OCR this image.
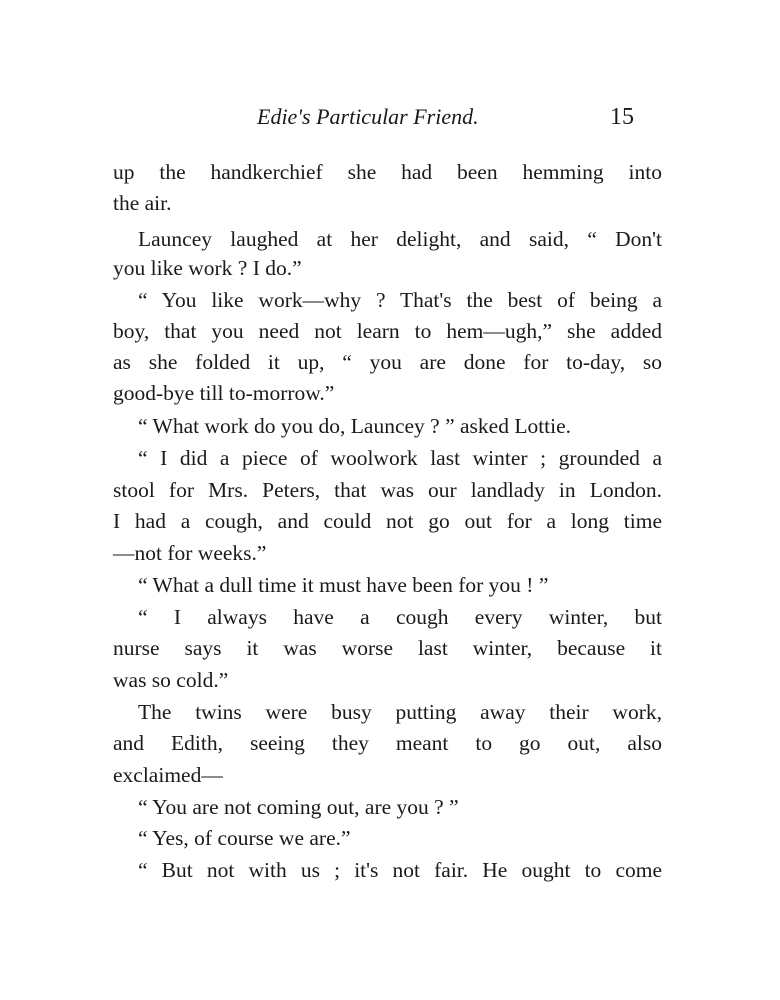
Edie's Particular Friend.	15
up the handkerchief she had been hemming into
the air.
Launcey laughed at her delight, and said, “ Don't
you like work ? I do.”
“ You like work—why ? That's the best of being a
boy, that you need not learn to hem—ugh,” she added
as she folded it up, “ you are done for to-day, so
good-bye till to-morrow.”
“ What work do you do, Launcey ? ” asked Lottie.
“ I did a piece of woolwork last winter ; grounded a
stool for Mrs. Peters, that was our landlady in London.
I had a cough, and could not go out for a long time
—not for weeks.”
“ What a dull time it must have been for you ! ”
“ I always have a cough every winter, but
nurse says it was worse last winter, because it
was so cold.”
The twins were busy putting away their work,
and Edith, seeing they meant to go out, also
exclaimed—
“ You are not coming out, are you ? ”
“ Yes, of course we are.”
“ But not with us ; it's not fair. He ought to come
